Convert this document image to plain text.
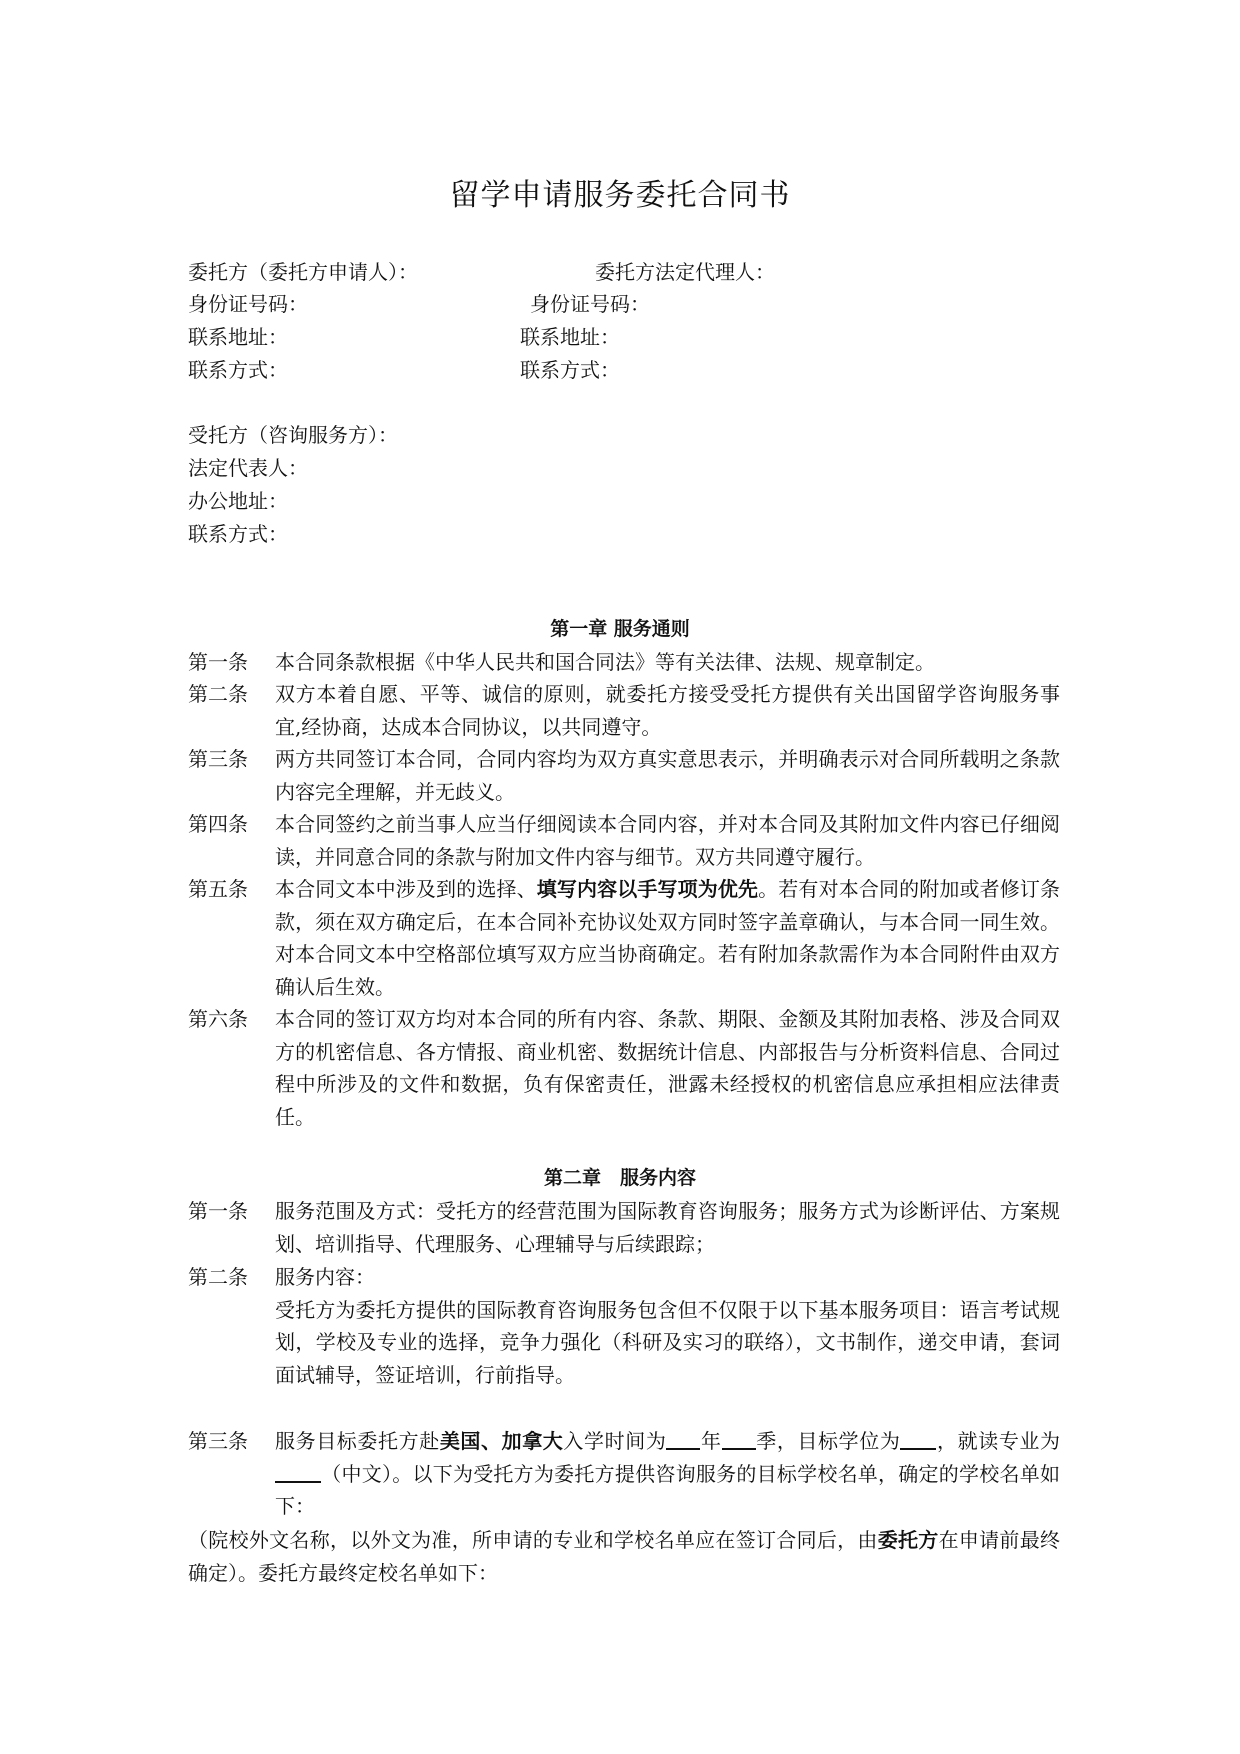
留学申请服务委托合同书
委托方（委托方申请人）：	委托方法定代理人：
身份证号码：	身份证号码：
联系地址：	联系地址：
联系方式：	联系方式：
受托方（咨询服务方）：
法定代表人：
办公地址：
联系方式：
第一章 服务通则
第一条 本合同条款根据《中华人民共和国合同法》等有关法律、法规、规章制定。
第二条 双方本着自愿、平等、诚信的原则，就委托方接受受托方提供有关出国留学咨询服务事宜,经协商，达成本合同协议，以共同遵守。
第三条 两方共同签订本合同，合同内容均为双方真实意思表示，并明确表示对合同所载明之条款内容完全理解，并无歧义。
第四条 本合同签约之前当事人应当仔细阅读本合同内容，并对本合同及其附加文件内容已仔细阅读，并同意合同的条款与附加文件内容与细节。双方共同遵守履行。
第五条 本合同文本中涉及到的选择、填写内容以手写项为优先。若有对本合同的附加或者修订条款，须在双方确定后，在本合同补充协议处双方同时签字盖章确认，与本合同一同生效。对本合同文本中空格部位填写双方应当协商确定。若有附加条款需作为本合同附件由双方确认后生效。
第六条 本合同的签订双方均对本合同的所有内容、条款、期限、金额及其附加表格、涉及合同双方的机密信息、各方情报、商业机密、数据统计信息、内部报告与分析资料信息、合同过程中所涉及的文件和数据，负有保密责任，泄露未经授权的机密信息应承担相应法律责任。
第二章　服务内容
第一条 服务范围及方式：受托方的经营范围为国际教育咨询服务；服务方式为诊断评估、方案规划、培训指导、代理服务、心理辅导与后续跟踪；
第二条 服务内容：
受托方为委托方提供的国际教育咨询服务包含但不仅限于以下基本服务项目：语言考试规划，学校及专业的选择，竞争力强化（科研及实习的联络），文书制作，递交申请，套词面试辅导，签证培训，行前指导。
第三条 服务目标委托方赴美国、加拿大入学时间为 年 季，目标学位为 ，就读专业为（中文）。以下为受托方为委托方提供咨询服务的目标学校名单，确定的学校名单如下：
（院校外文名称，以外文为准，所申请的专业和学校名单应在签订合同后，由委托方在申请前最终确定）。委托方最终定校名单如下：
